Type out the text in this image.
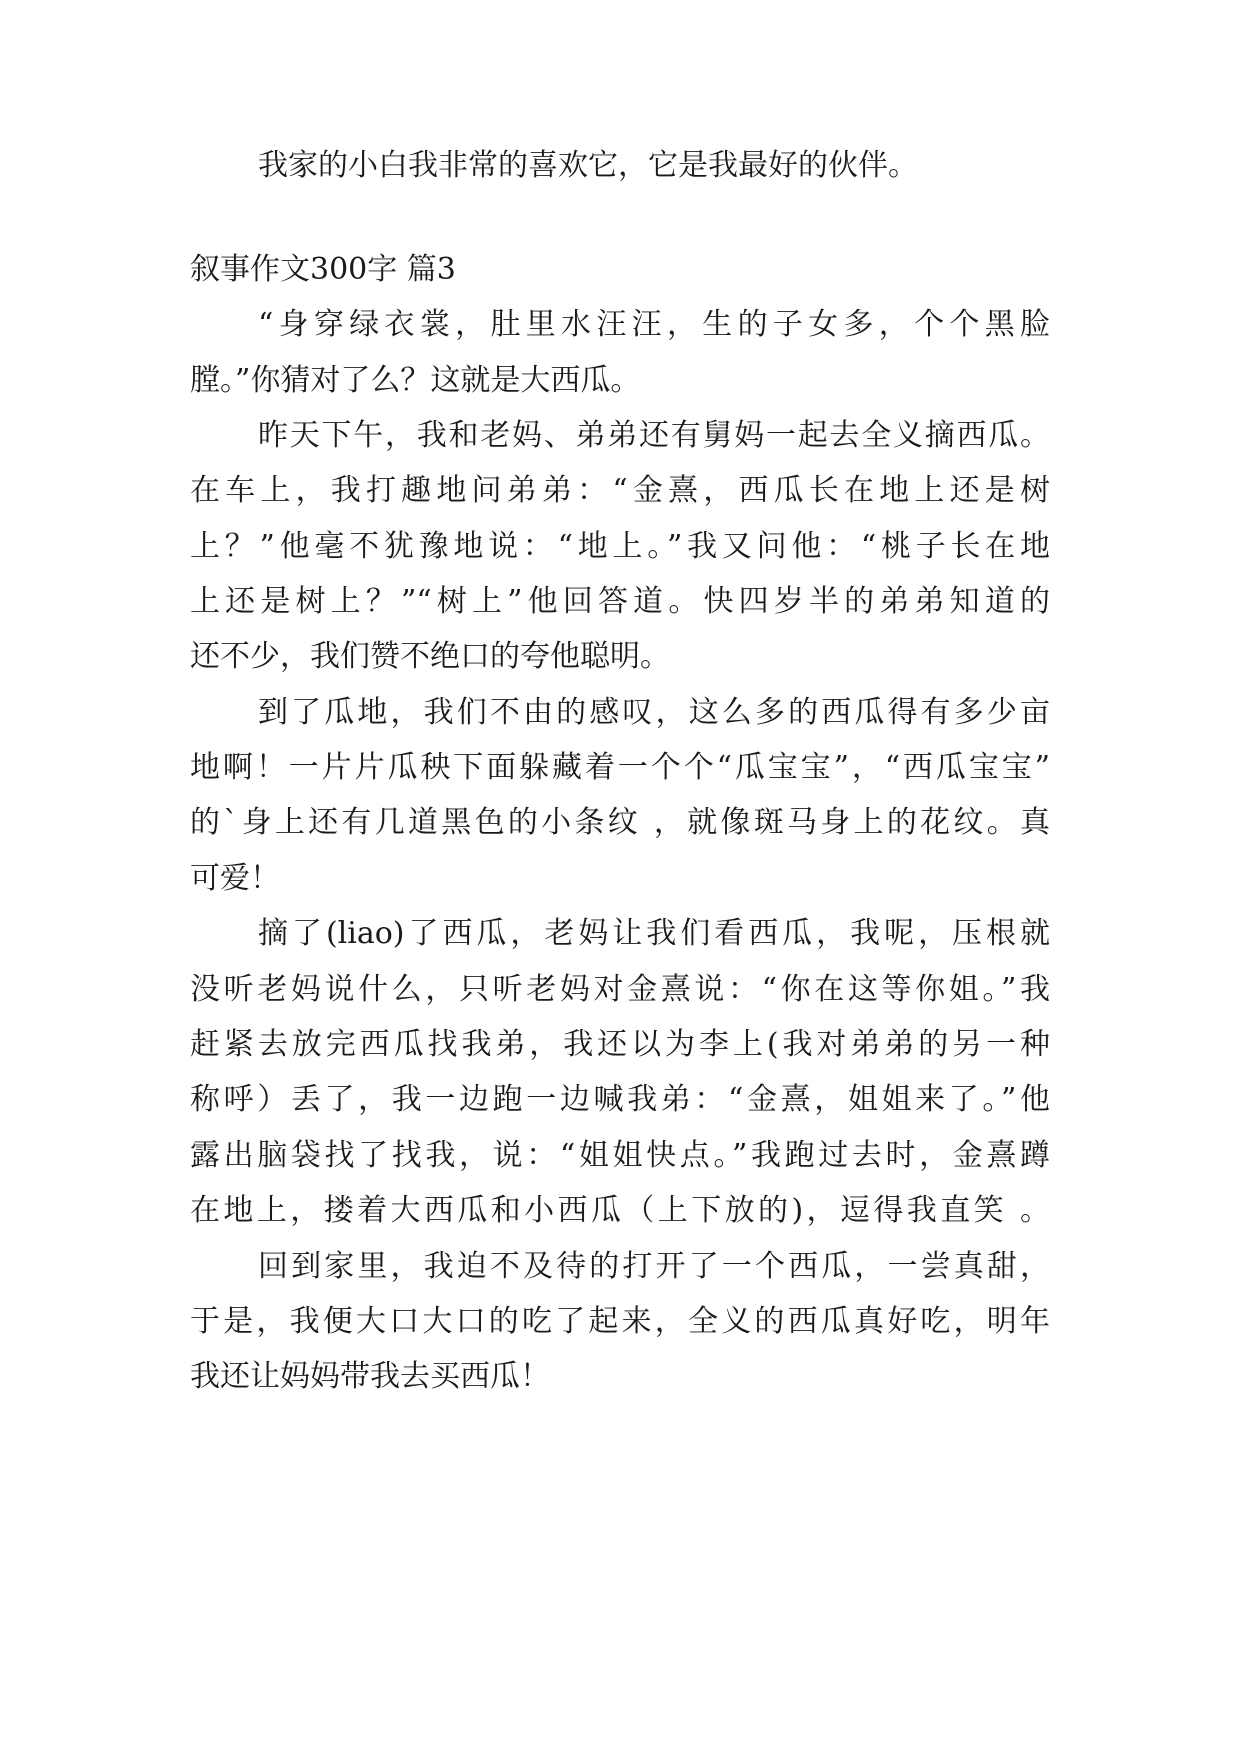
我家的小白我非常的喜欢它，它是我最好的伙伴。
叙事作文300字 篇3
“身穿绿衣裳，肚里水汪汪，生的子女多，个个黑脸
膛。”你猜对了么？这就是大西瓜。
昨天下午，我和老妈、弟弟还有舅妈一起去全义摘西瓜。
在车上，我打趣地问弟弟：“金熹，西瓜长在地上还是树
上？”他毫不犹豫地说：“地上。”我又问他：“桃子长在地
上还是树上？”“树上”他回答道。快四岁半的弟弟知道的
还不少，我们赞不绝口的夸他聪明。
到了瓜地，我们不由的感叹，这么多的西瓜得有多少亩
地啊！一片片瓜秧下面躲藏着一个个“瓜宝宝”，“西瓜宝宝”
的`身上还有几道黑色的小条纹 ，就像斑马身上的花纹。真
可爱！
摘了(liao)了西瓜，老妈让我们看西瓜，我呢，压根就
没听老妈说什么，只听老妈对金熹说：“你在这等你姐。”我
赶紧去放完西瓜找我弟，我还以为李上(我对弟弟的另一种
称呼）丢了，我一边跑一边喊我弟：“金熹，姐姐来了。”他
露出脑袋找了找我，说：“姐姐快点。”我跑过去时，金熹蹲
在地上，搂着大西瓜和小西瓜（上下放的)，逗得我直笑 。
回到家里，我迫不及待的打开了一个西瓜，一尝真甜，
于是，我便大口大口的吃了起来，全义的西瓜真好吃，明年
我还让妈妈带我去买西瓜！
